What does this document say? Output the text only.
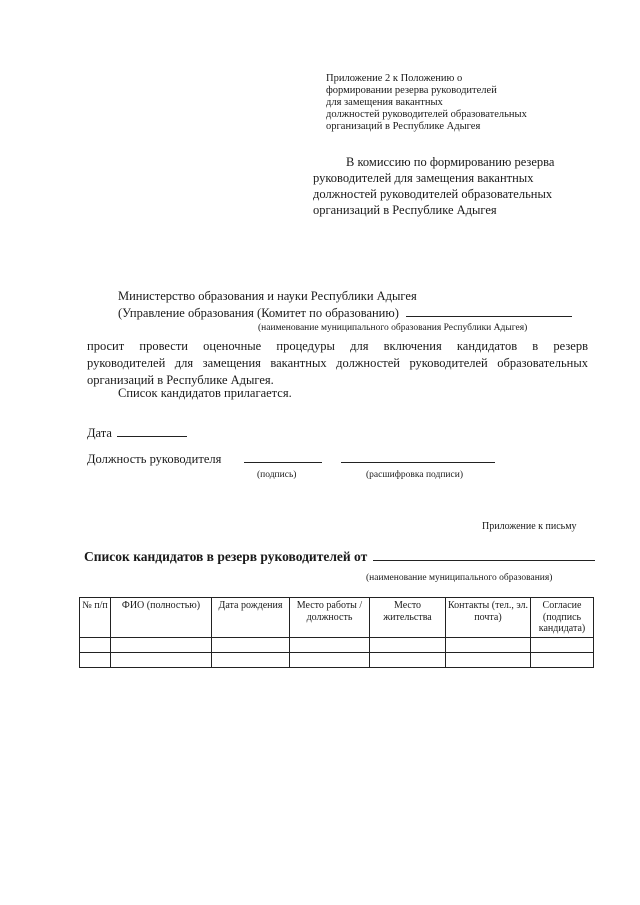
Приложение 2 к Положению о
формировании резерва руководителей
для замещения вакантных
должностей руководителей образовательных
организаций в Республике Адыгея
В комиссию по формированию резерва
руководителей для замещения вакантных
должностей руководителей образовательных
организаций в Республике Адыгея
Министерство образования и науки Республики Адыгея
(Управление образования (Комитет по образованию)
(наименование муниципального образования Республики Адыгея)
просит провести оценочные процедуры для включения кандидатов в резерв
руководителей для замещения вакантных должностей руководителей образовательных
организаций в Республике Адыгея.
Список кандидатов прилагается.
Дата
Должность руководителя
(подпись)	(расшифровка подписи)
Приложение к письму
Список кандидатов в резерв руководителей от
(наименование муниципального образования)
№ п/п	ФИО (полностью)	Дата рождения	Место работы /должность	Место жительства	Контакты (тел., эл. почта)	Согласие (подпись кандидата)
